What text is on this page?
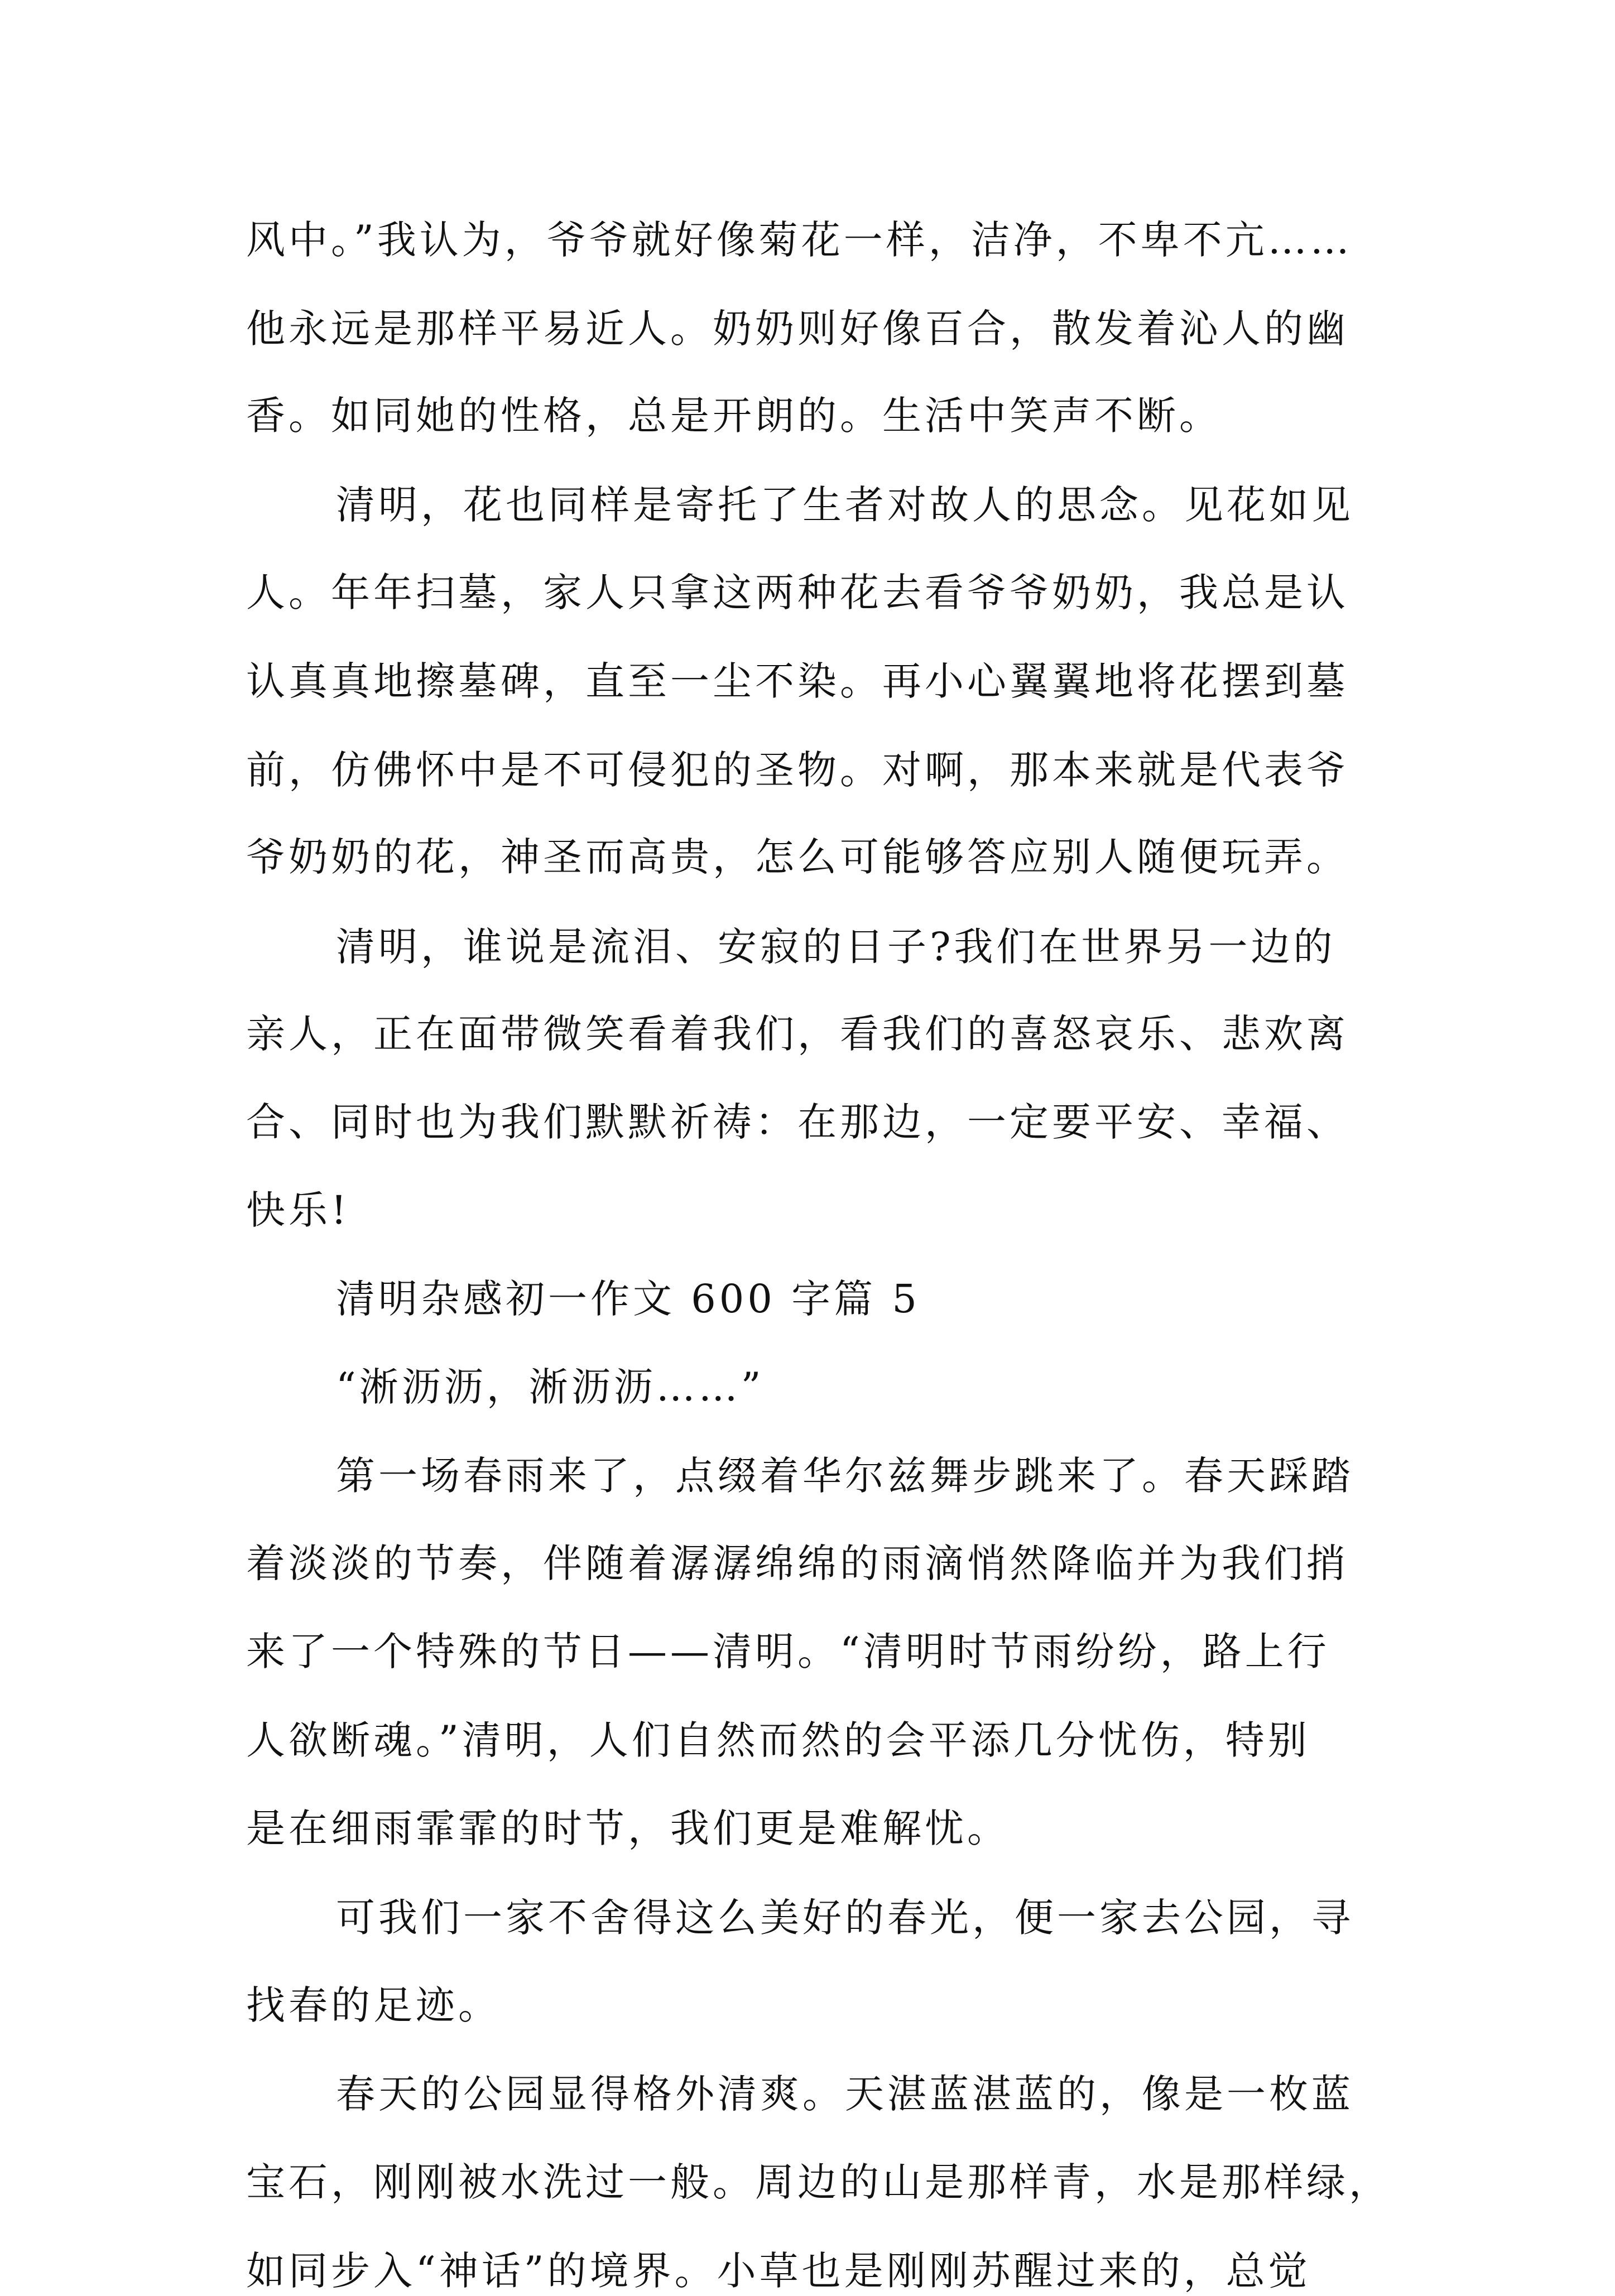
风中。”我认为，爷爷就好像菊花一样，洁净，不卑不亢……

他永远是那样平易近人。奶奶则好像百合，散发着沁人的幽

香。如同她的性格，总是开朗的。生活中笑声不断。

清明，花也同样是寄托了生者对故人的思念。见花如见

人。年年扫墓，家人只拿这两种花去看爷爷奶奶，我总是认

认真真地擦墓碑，直至一尘不染。再小心翼翼地将花摆到墓

前，仿佛怀中是不可侵犯的圣物。对啊，那本来就是代表爷

爷奶奶的花，神圣而高贵，怎么可能够答应别人随便玩弄。

清明，谁说是流泪、安寂的日子?我们在世界另一边的

亲人，正在面带微笑看着我们，看我们的喜怒哀乐、悲欢离

合、同时也为我们默默祈祷：在那边，一定要平安、幸福、

快乐!

清明杂感初一作文 600 字篇 5

“淅沥沥，淅沥沥……”

第一场春雨来了，点缀着华尔兹舞步跳来了。春天踩踏

着淡淡的节奏，伴随着潺潺绵绵的雨滴悄然降临并为我们捎

来了一个特殊的节日——清明。“清明时节雨纷纷，路上行

人欲断魂。”清明，人们自然而然的会平添几分忧伤，特别

是在细雨霏霏的时节，我们更是难解忧。

可我们一家不舍得这么美好的春光，便一家去公园，寻

找春的足迹。

春天的公园显得格外清爽。天湛蓝湛蓝的，像是一枚蓝

宝石，刚刚被水洗过一般。周边的山是那样青，水是那样绿，

如同步入“神话”的境界。小草也是刚刚苏醒过来的，总觉
